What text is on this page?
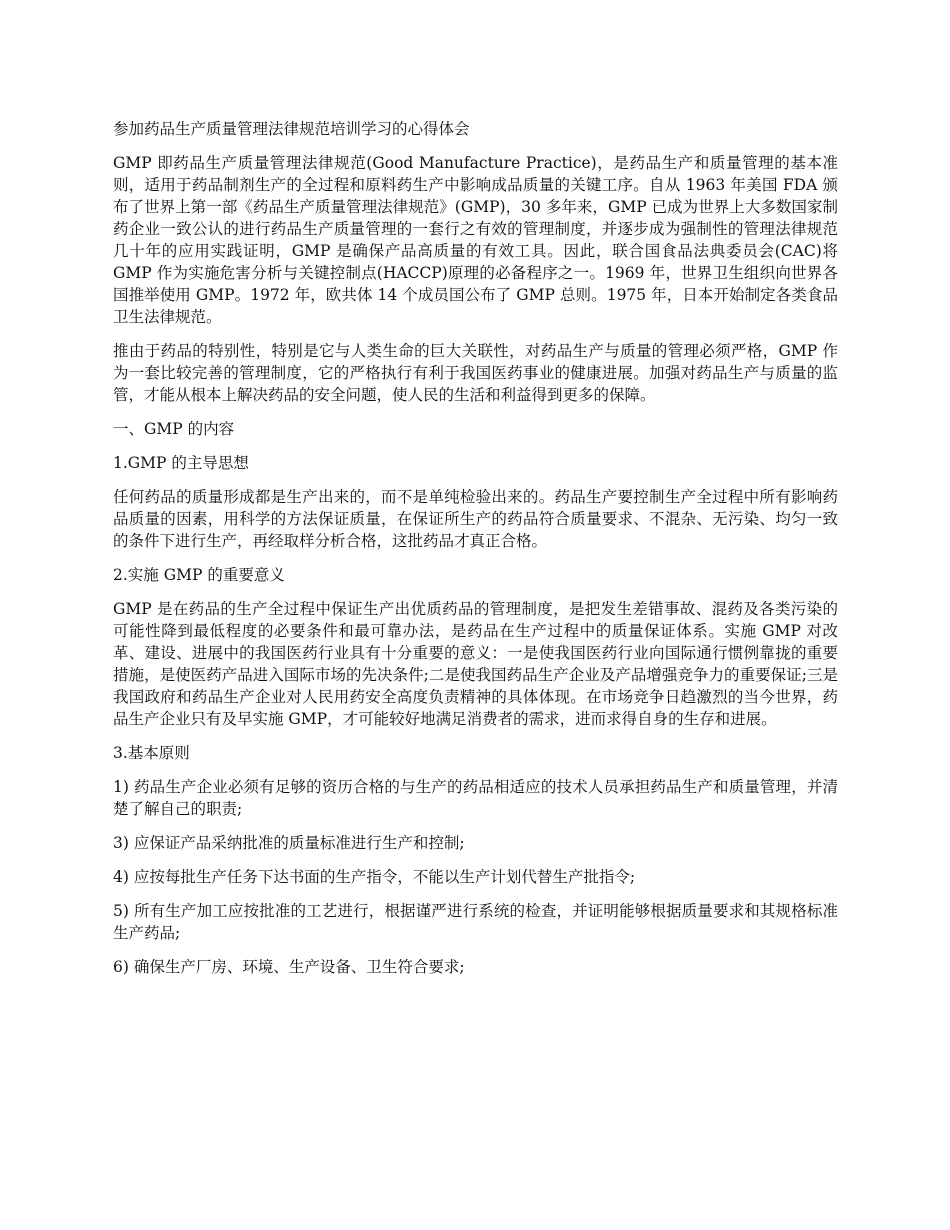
参加药品生产质量管理法律规范培训学习的心得体会

GMP 即药品生产质量管理法律规范(Good Manufacture Practice)，是药品生产和质量管理的基本准则，适用于药品制剂生产的全过程和原料药生产中影响成品质量的关键工序。自从 1963 年美国 FDA 颁布了世界上第一部《药品生产质量管理法律规范》(GMP)，30 多年来，GMP 已成为世界上大多数国家制药企业一致公认的进行药品生产质量管理的一套行之有效的管理制度，并逐步成为强制性的管理法律规范几十年的应用实践证明，GMP 是确保产品高质量的有效工具。因此，联合国食品法典委员会(CAC)将 GMP 作为实施危害分析与关键控制点(HACCP)原理的必备程序之一。1969 年，世界卫生组织向世界各国推举使用 GMP。1972 年，欧共体 14 个成员国公布了 GMP 总则。1975 年，日本开始制定各类食品卫生法律规范。

推由于药品的特别性，特别是它与人类生命的巨大关联性，对药品生产与质量的管理必须严格，GMP 作为一套比较完善的管理制度，它的严格执行有利于我国医药事业的健康进展。加强对药品生产与质量的监管，才能从根本上解决药品的安全问题，使人民的生活和利益得到更多的保障。

一、GMP 的内容

1.GMP 的主导思想

任何药品的质量形成都是生产出来的，而不是单纯检验出来的。药品生产要控制生产全过程中所有影响药品质量的因素，用科学的方法保证质量，在保证所生产的药品符合质量要求、不混杂、无污染、均匀一致的条件下进行生产，再经取样分析合格，这批药品才真正合格。

2.实施 GMP 的重要意义

GMP 是在药品的生产全过程中保证生产出优质药品的管理制度，是把发生差错事故、混药及各类污染的可能性降到最低程度的必要条件和最可靠办法，是药品在生产过程中的质量保证体系。实施 GMP 对改革、建设、进展中的我国医药行业具有十分重要的意义：一是使我国医药行业向国际通行惯例靠拢的重要措施，是使医药产品进入国际市场的先决条件;二是使我国药品生产企业及产品增强竞争力的重要保证;三是我国政府和药品生产企业对人民用药安全高度负责精神的具体体现。在市场竞争日趋激烈的当今世界，药品生产企业只有及早实施 GMP，才可能较好地满足消费者的需求，进而求得自身的生存和进展。

3.基本原则

1) 药品生产企业必须有足够的资历合格的与生产的药品相适应的技术人员承担药品生产和质量管理，并清楚了解自己的职责;

3) 应保证产品采纳批准的质量标准进行生产和控制;

4) 应按每批生产任务下达书面的生产指令，不能以生产计划代替生产批指令;

5) 所有生产加工应按批准的工艺进行，根据谨严进行系统的检查，并证明能够根据质量要求和其规格标准生产药品;

6) 确保生产厂房、环境、生产设备、卫生符合要求;
